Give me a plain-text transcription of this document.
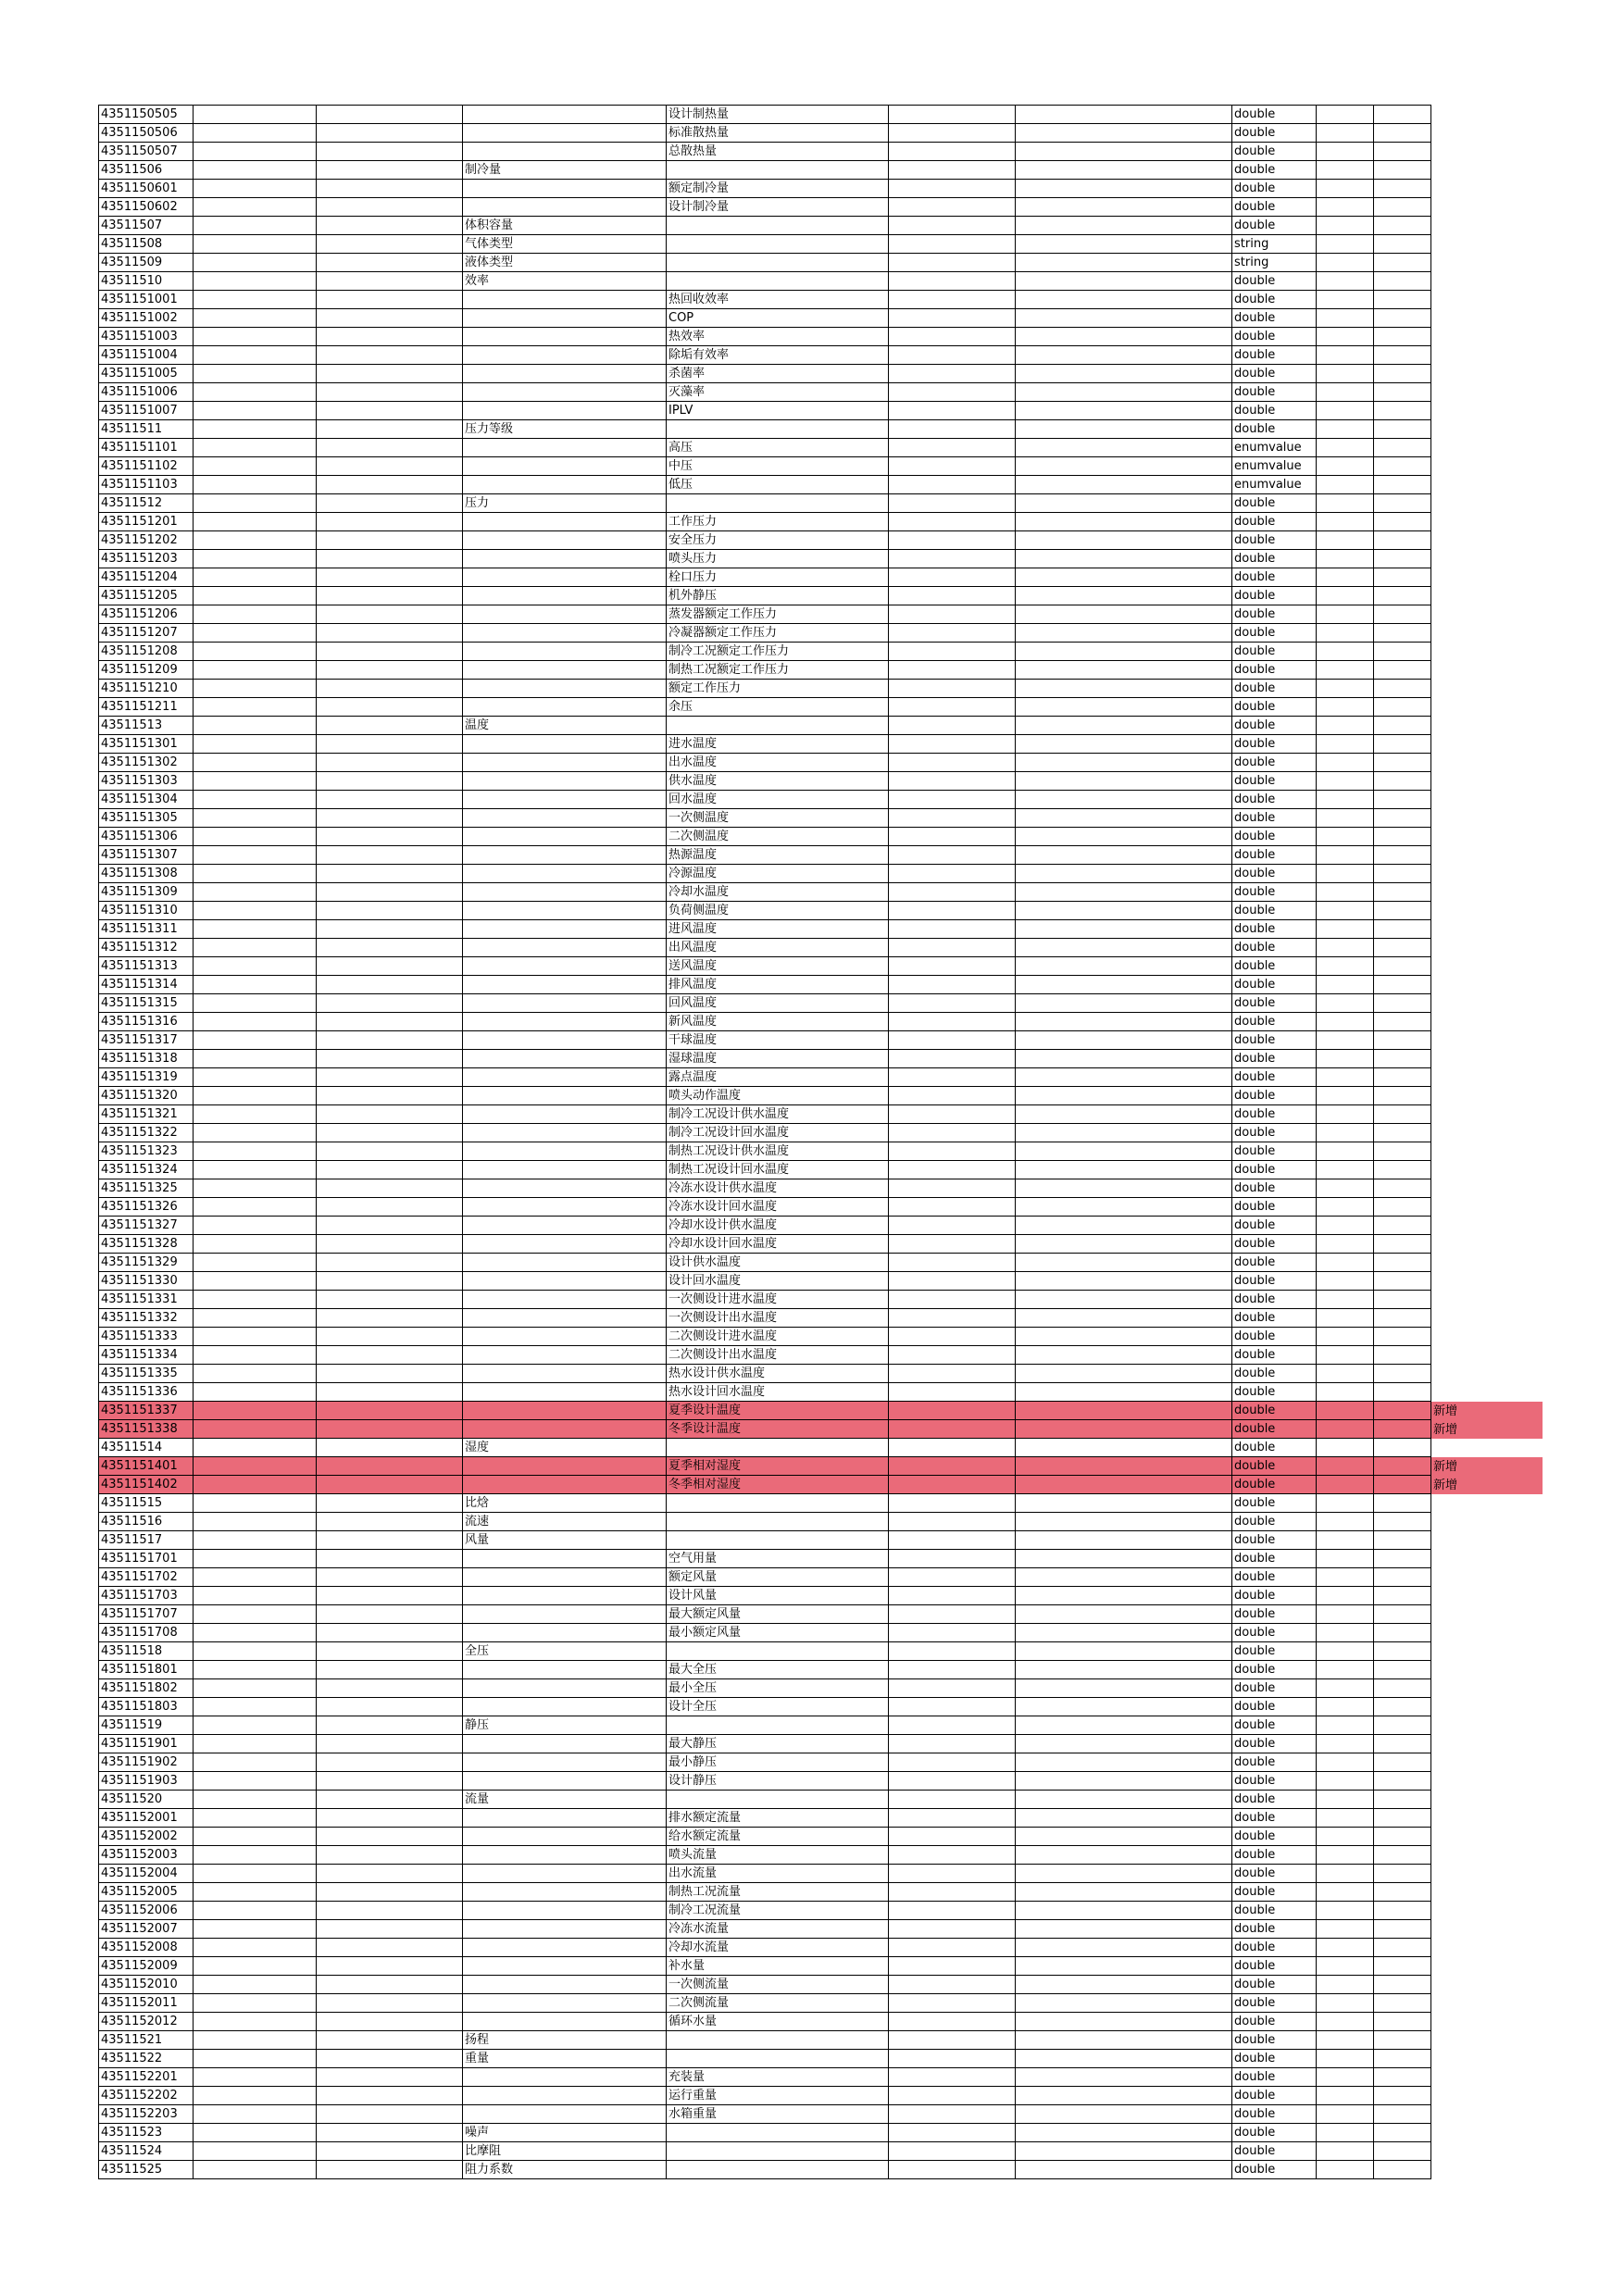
4351150505				设计制热量			double			
4351150506				标准散热量			double			
4351150507				总散热量			double			
43511506			制冷量				double			
4351150601				额定制冷量			double			
4351150602				设计制冷量			double			
43511507			体积容量				double			
43511508			气体类型				string			
43511509			液体类型				string			
43511510			效率				double			
4351151001				热回收效率			double			
4351151002				COP			double			
4351151003				热效率			double			
4351151004				除垢有效率			double			
4351151005				杀菌率			double			
4351151006				灭藻率			double			
4351151007				IPLV			double			
43511511			压力等级				double			
4351151101				高压			enumvalue			
4351151102				中压			enumvalue			
4351151103				低压			enumvalue			
43511512			压力				double			
4351151201				工作压力			double			
4351151202				安全压力			double			
4351151203				喷头压力			double			
4351151204				栓口压力			double			
4351151205				机外静压			double			
4351151206				蒸发器额定工作压力			double			
4351151207				冷凝器额定工作压力			double			
4351151208				制冷工况额定工作压力			double			
4351151209				制热工况额定工作压力			double			
4351151210				额定工作压力			double			
4351151211				余压			double			
43511513			温度				double			
4351151301				进水温度			double			
4351151302				出水温度			double			
4351151303				供水温度			double			
4351151304				回水温度			double			
4351151305				一次侧温度			double			
4351151306				二次侧温度			double			
4351151307				热源温度			double			
4351151308				冷源温度			double			
4351151309				冷却水温度			double			
4351151310				负荷侧温度			double			
4351151311				进风温度			double			
4351151312				出风温度			double			
4351151313				送风温度			double			
4351151314				排风温度			double			
4351151315				回风温度			double			
4351151316				新风温度			double			
4351151317				干球温度			double			
4351151318				湿球温度			double			
4351151319				露点温度			double			
4351151320				喷头动作温度			double			
4351151321				制冷工况设计供水温度			double			
4351151322				制冷工况设计回水温度			double			
4351151323				制热工况设计供水温度			double			
4351151324				制热工况设计回水温度			double			
4351151325				冷冻水设计供水温度			double			
4351151326				冷冻水设计回水温度			double			
4351151327				冷却水设计供水温度			double			
4351151328				冷却水设计回水温度			double			
4351151329				设计供水温度			double			
4351151330				设计回水温度			double			
4351151331				一次侧设计进水温度			double			
4351151332				一次侧设计出水温度			double			
4351151333				二次侧设计进水温度			double			
4351151334				二次侧设计出水温度			double			
4351151335				热水设计供水温度			double			
4351151336				热水设计回水温度			double			
4351151337				夏季设计温度			double			新增
4351151338				冬季设计温度			double			新增
43511514			湿度				double			
4351151401				夏季相对湿度			double			新增
4351151402				冬季相对湿度			double			新增
43511515			比焓				double			
43511516			流速				double			
43511517			风量				double			
4351151701				空气用量			double			
4351151702				额定风量			double			
4351151703				设计风量			double			
4351151707				最大额定风量			double			
4351151708				最小额定风量			double			
43511518			全压				double			
4351151801				最大全压			double			
4351151802				最小全压			double			
4351151803				设计全压			double			
43511519			静压				double			
4351151901				最大静压			double			
4351151902				最小静压			double			
4351151903				设计静压			double			
43511520			流量				double			
4351152001				排水额定流量			double			
4351152002				给水额定流量			double			
4351152003				喷头流量			double			
4351152004				出水流量			double			
4351152005				制热工况流量			double			
4351152006				制冷工况流量			double			
4351152007				冷冻水流量			double			
4351152008				冷却水流量			double			
4351152009				补水量			double			
4351152010				一次侧流量			double			
4351152011				二次侧流量			double			
4351152012				循环水量			double			
43511521			扬程				double			
43511522			重量				double			
4351152201				充装量			double			
4351152202				运行重量			double			
4351152203				水箱重量			double			
43511523			噪声				double			
43511524			比摩阻				double			
43511525			阻力系数				double			
